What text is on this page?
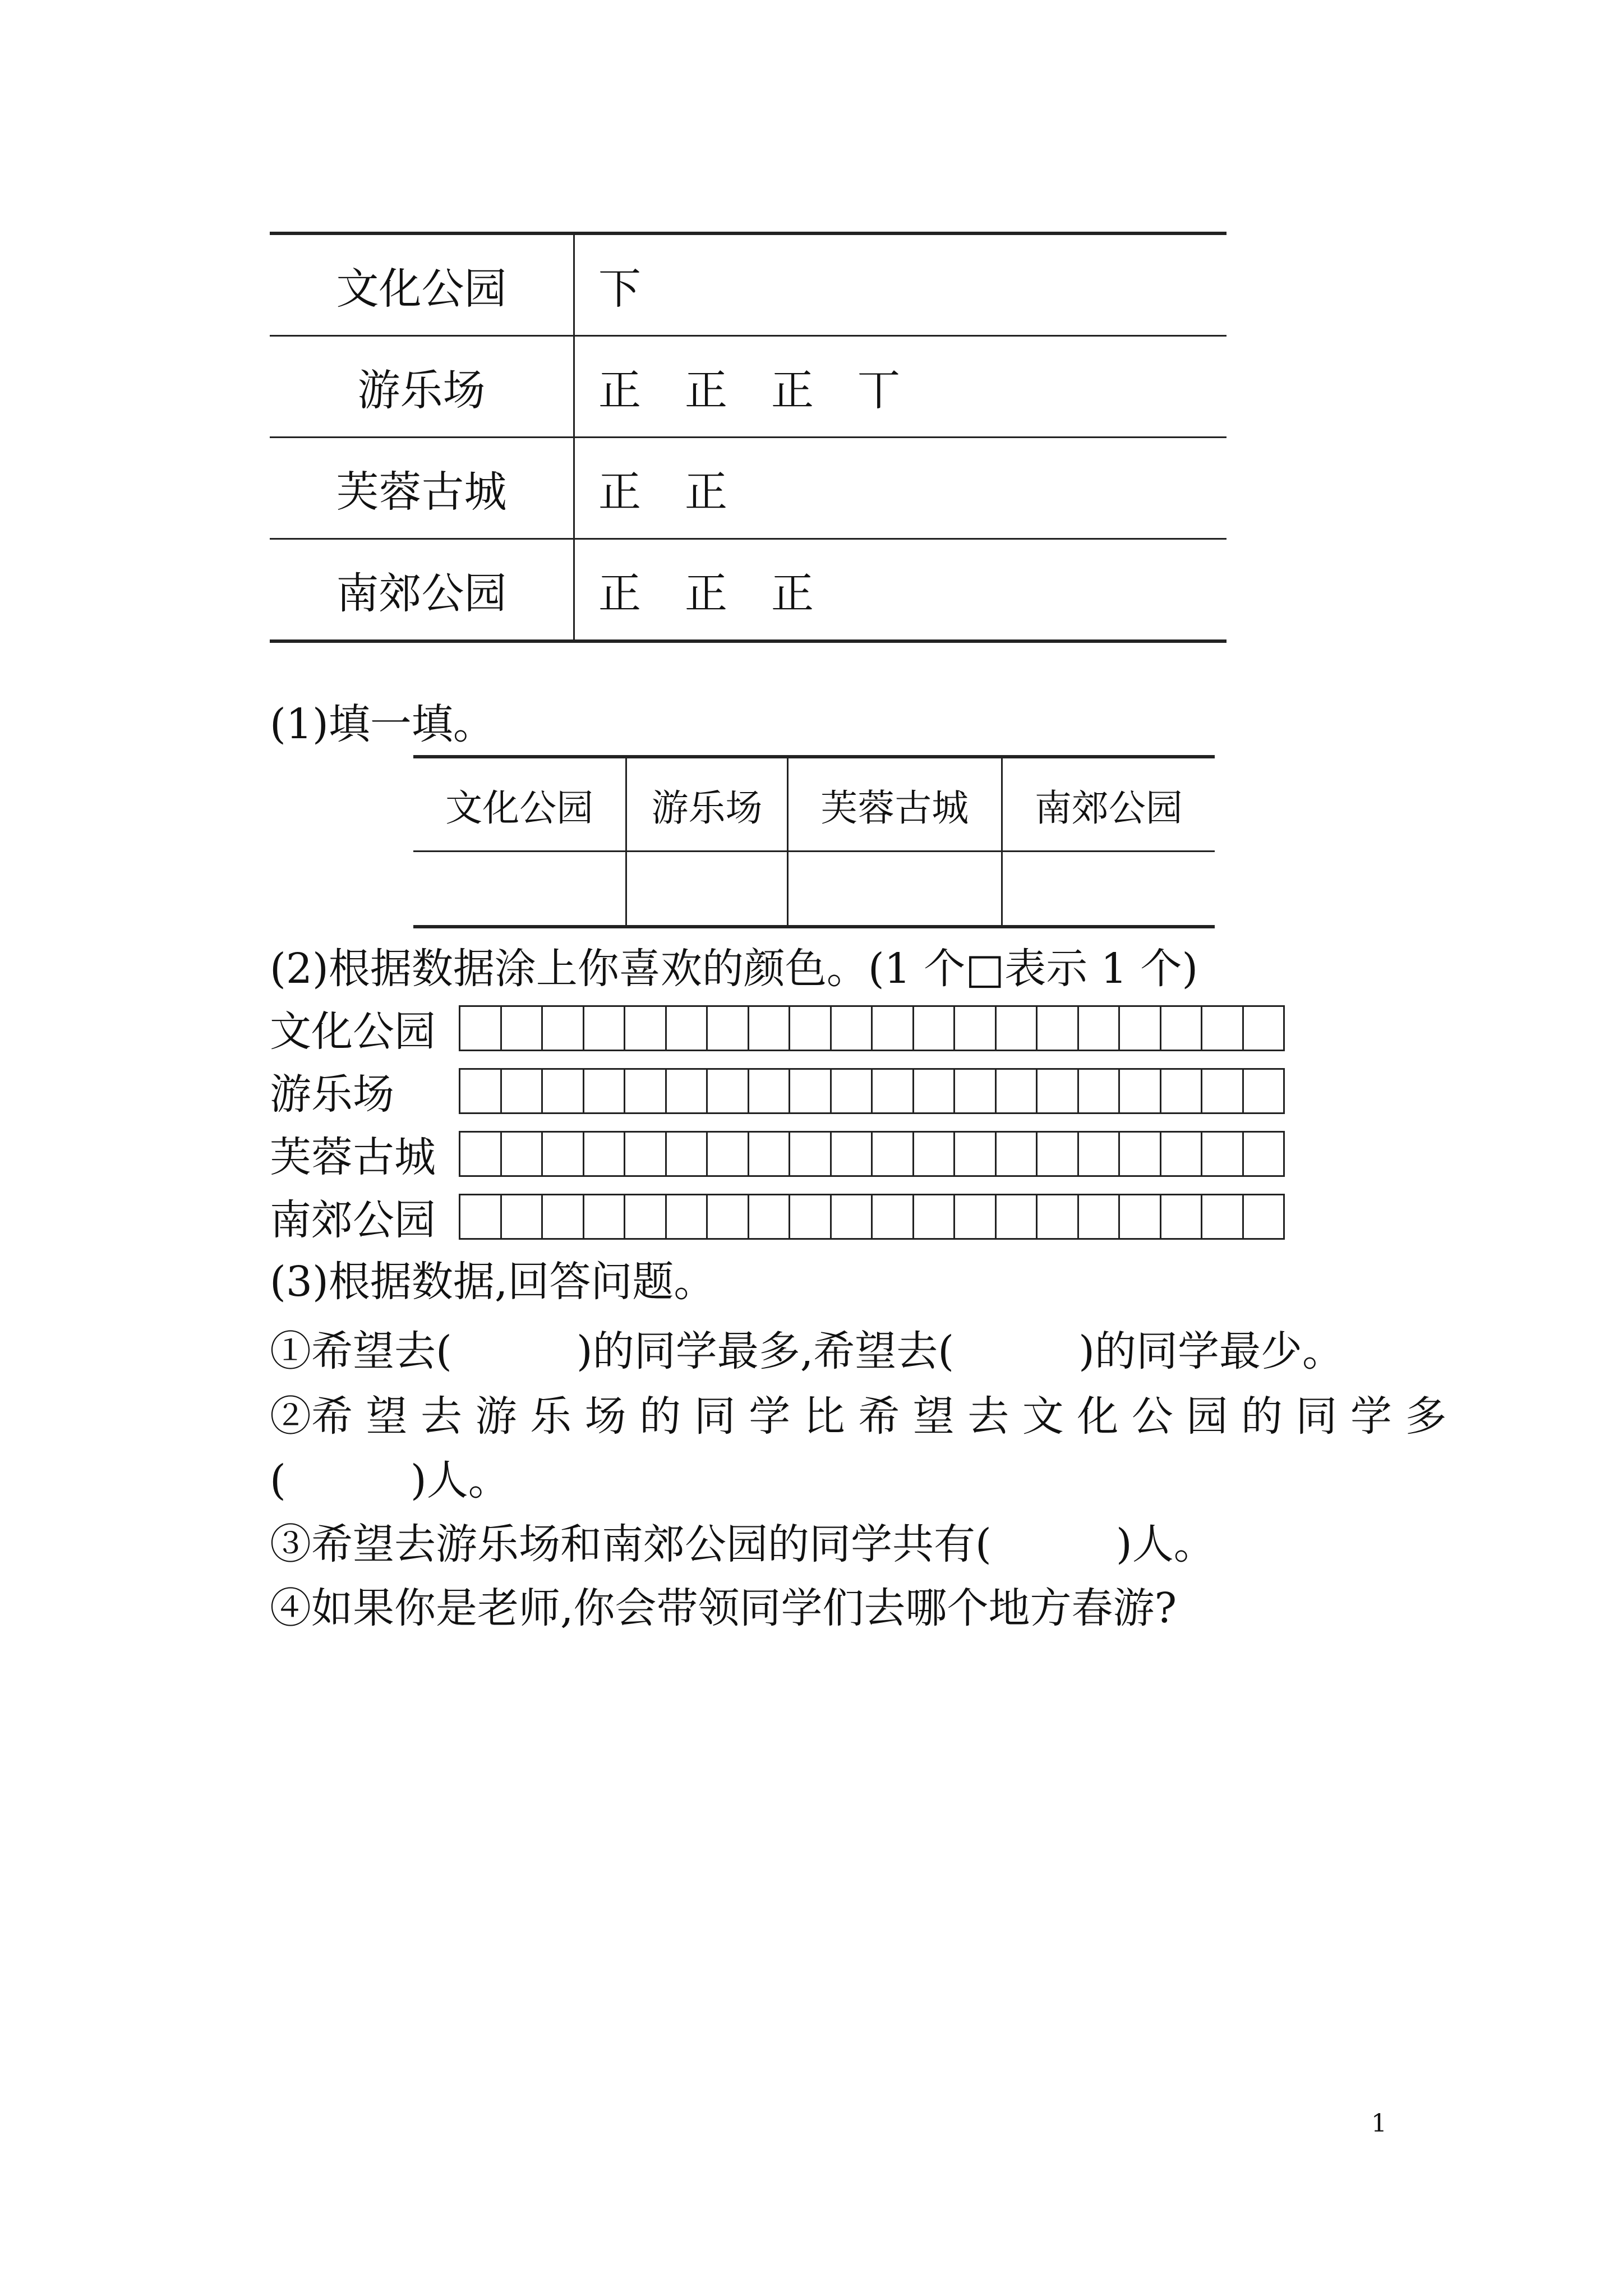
文化公园	下
游乐场	正 正 正 丅
芙蓉古城	正 正
南郊公园	正 正 正
(1)填一填。
文化公园	游乐场	芙蓉古城	南郊公园

(2)根据数据涂上你喜欢的颜色。(1 个□表示 1 个)
文化公园
游乐场
芙蓉古城
南郊公园
(3)根据数据,回答问题。
①希望去(　　　)的同学最多,希望去(　　　)的同学最少。
②希 望 去 游 乐 场 的 同 学 比 希 望 去 文 化 公 园 的 同 学 多
(　　　)人。
③希望去游乐场和南郊公园的同学共有(　　　)人。
④如果你是老师,你会带领同学们去哪个地方春游?
1
